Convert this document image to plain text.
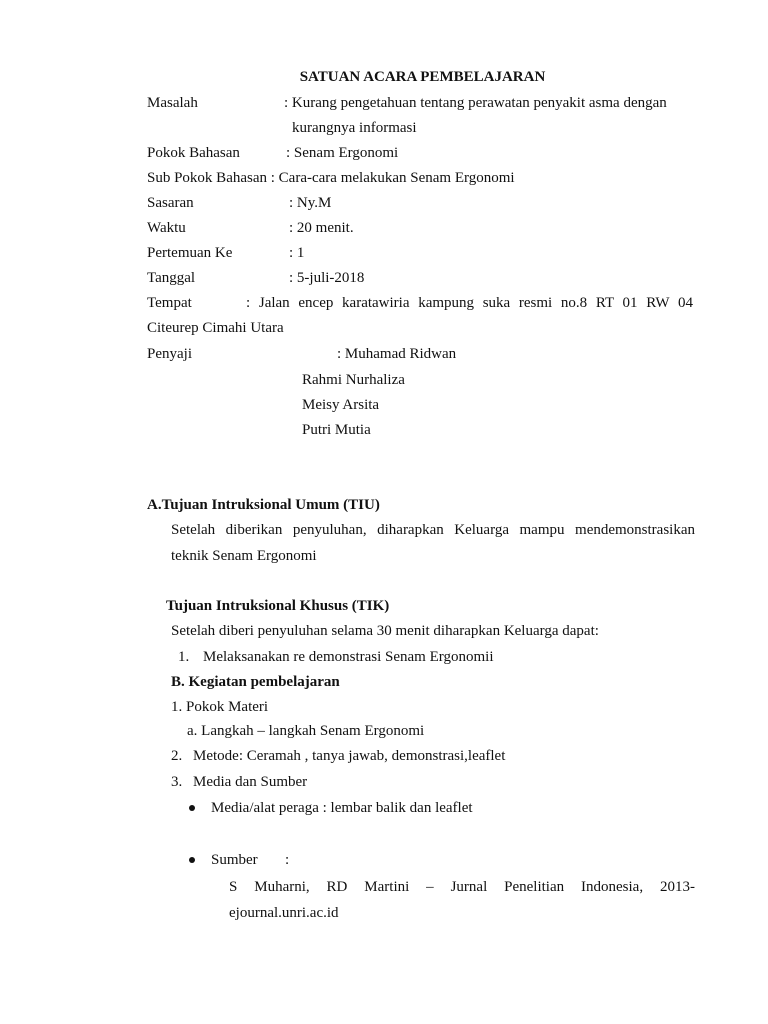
SATUAN ACARA PEMBELAJARAN
Masalah	: Kurang pengetahuan tentang perawatan penyakit asma dengan
kurangnya informasi
Pokok Bahasan	: Senam Ergonomi
Sub Pokok Bahasan : Cara-cara melakukan Senam Ergonomi
Sasaran	: Ny.M
Waktu	: 20 menit.
Pertemuan Ke	: 1
Tanggal	: 5-juli-2018
Tempat	: Jalan encep karatawiria kampung suka resmi no.8 RT 01 RW 04
Citeurep Cimahi Utara
Penyaji	: Muhamad Ridwan
Rahmi Nurhaliza
Meisy Arsita
Putri Mutia
A.Tujuan Intruksional Umum (TIU)
Setelah diberikan penyuluhan, diharapkan Keluarga mampu mendemonstrasikan
teknik Senam Ergonomi
Tujuan Intruksional Khusus (TIK)
Setelah diberi penyuluhan selama 30 menit diharapkan Keluarga dapat:
1. Melaksanakan re demonstrasi Senam Ergonomii
B. Kegiatan pembelajaran
1. Pokok Materi
a. Langkah – langkah Senam Ergonomi
2. Metode: Ceramah , tanya jawab, demonstrasi,leaflet
3. Media dan Sumber
Media/alat peraga : lembar balik dan leaflet
Sumber :
S Muharni, RD Martini – Jurnal Penelitian Indonesia, 2013-
ejournal.unri.ac.id
